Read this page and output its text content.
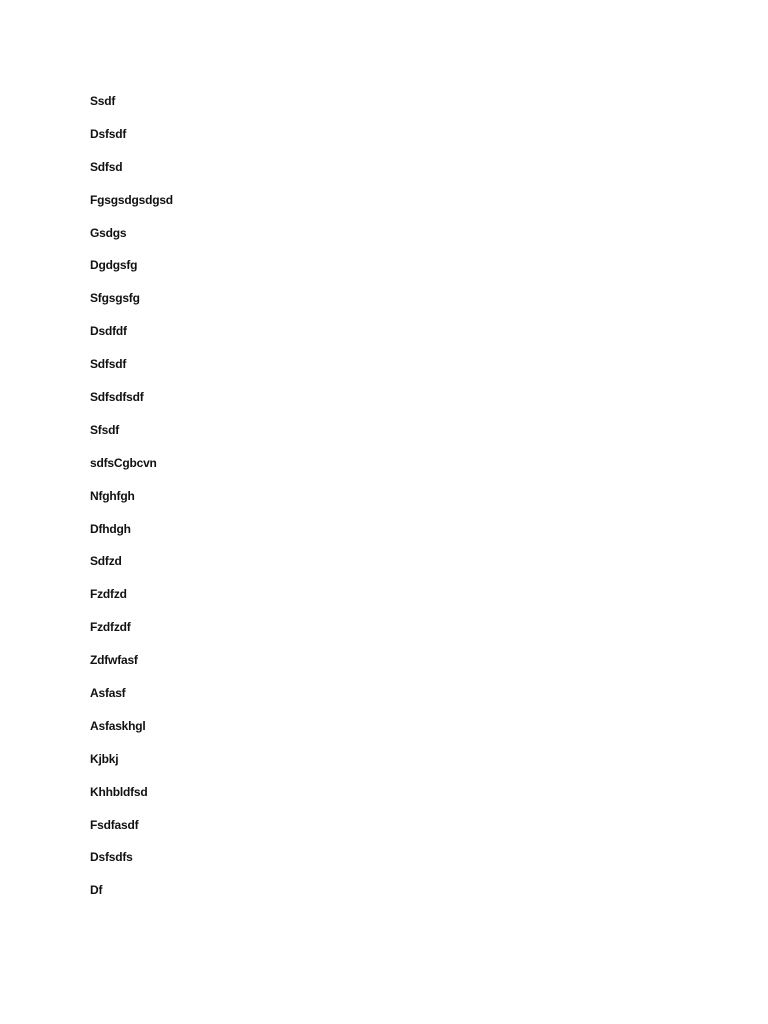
Ssdf
Dsfsdf
Sdfsd
Fgsgsdgsdgsd
Gsdgs
Dgdgsfg
Sfgsgsfg
Dsdfdf
Sdfsdf
Sdfsdfsdf
Sfsdf
sdfsCgbcvn
Nfghfgh
Dfhdgh
Sdfzd
Fzdfzd
Fzdfzdf
Zdfwfasf
Asfasf
Asfaskhgl
Kjbkj
Khhbldfsd
Fsdfasdf
Dsfsdfs
Df
